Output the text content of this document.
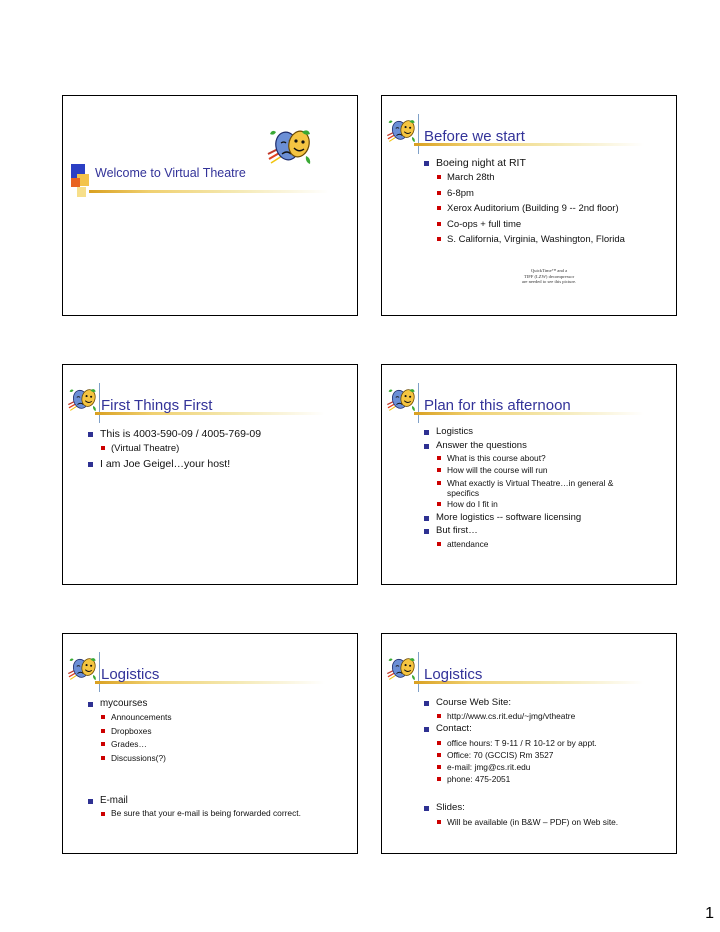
Welcome to Virtual Theatre
Before we start
Boeing night at RIT
March 28th
6-8pm
Xerox Auditorium (Building 9 -- 2nd floor)
Co-ops + full time
S. California, Virginia, Washington, Florida
QuickTime™ and a
TIFF (LZW) decompressor
are needed to see this picture.
First Things First
This is 4003-590-09 / 4005-769-09
(Virtual Theatre)
I am Joe Geigel…your host!
Plan for this afternoon
Logistics
Answer the questions
What is this course about?
How will the course will run
What exactly is Virtual Theatre…in general & specifics
How do I fit in
More logistics -- software licensing
But first…
attendance
Logistics
mycourses
Announcements
Dropboxes
Grades…
Discussions(?)
E-mail
Be sure that your e-mail is being forwarded correct.
Logistics
Course Web Site:
http://www.cs.rit.edu/~jmg/vtheatre
Contact:
office hours: T 9-11 / R 10-12 or by appt.
Office: 70 (GCCIS) Rm 3527
e-mail: jmg@cs.rit.edu
phone: 475-2051
Slides:
Will be available (in B&W – PDF) on Web site.
1
